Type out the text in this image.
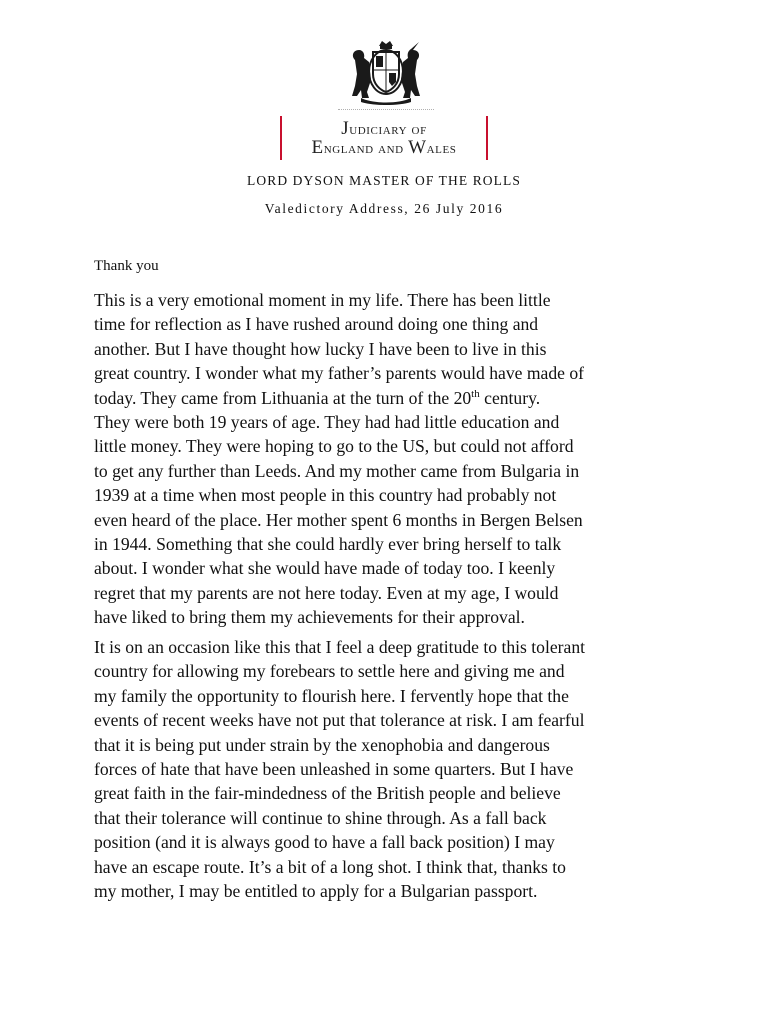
Judiciary of
England and Wales
LORD DYSON MASTER OF THE ROLLS
Valedictory Address, 26 July 2016
Thank you

This is a very emotional moment in my life. There has been little
time for reflection as I have rushed around doing one thing and
another. But I have thought how lucky I have been to live in this
great country. I wonder what my father’s parents would have made of
today. They came from Lithuania at the turn of the 20th century.
They were both 19 years of age. They had had little education and
little money. They were hoping to go to the US, but could not afford
to get any further than Leeds. And my mother came from Bulgaria in
1939 at a time when most people in this country had probably not
even heard of the place. Her mother spent 6 months in Bergen Belsen
in 1944. Something that she could hardly ever bring herself to talk
about. I wonder what she would have made of today too. I keenly
regret that my parents are not here today. Even at my age, I would
have liked to bring them my achievements for their approval.

It is on an occasion like this that I feel a deep gratitude to this tolerant
country for allowing my forebears to settle here and giving me and
my family the opportunity to flourish here. I fervently hope that the
events of recent weeks have not put that tolerance at risk. I am fearful
that it is being put under strain by the xenophobia and dangerous
forces of hate that have been unleashed in some quarters. But I have
great faith in the fair-mindedness of the British people and believe
that their tolerance will continue to shine through. As a fall back
position (and it is always good to have a fall back position) I may
have an escape route. It’s a bit of a long shot. I think that, thanks to
my mother, I may be entitled to apply for a Bulgarian passport.
